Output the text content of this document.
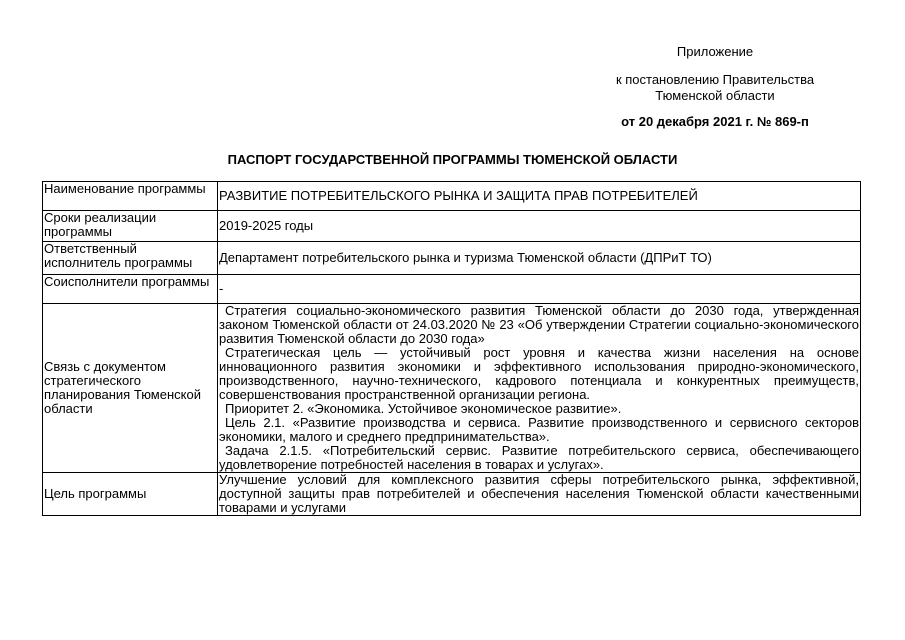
Приложение
к постановлению Правительства
Тюменской области
от 20 декабря 2021 г. № 869-п
ПАСПОРТ ГОСУДАРСТВЕННОЙ ПРОГРАММЫ ТЮМЕНСКОЙ ОБЛАСТИ
Наименование программы	РАЗВИТИЕ ПОТРЕБИТЕЛЬСКОГО РЫНКА И ЗАЩИТА ПРАВ ПОТРЕБИТЕЛЕЙ
Сроки реализации программы	2019-2025 годы
Ответственный исполнитель программы	Департамент потребительского рынка и туризма Тюменской области (ДПРиТ ТО)
Соисполнители программы	-
Связь с документом стратегического планирования Тюменской области	Стратегия социально-экономического развития Тюменской области до 2030 года, утвержденная законом Тюменской области от 24.03.2020 № 23 «Об утверждении Стратегии социально-экономического развития Тюменской области до 2030 года»
Стратегическая цель — устойчивый рост уровня и качества жизни населения на основе инновационного развития экономики и эффективного использования природно-экономического, производственного, научно-технического, кадрового потенциала и конкурентных преимуществ, совершенствования пространственной организации региона.
Приоритет 2. «Экономика. Устойчивое экономическое развитие».
Цель 2.1. «Развитие производства и сервиса. Развитие производственного и сервисного секторов экономики, малого и среднего предпринимательства».
Задача 2.1.5. «Потребительский сервис. Развитие потребительского сервиса, обеспечивающего удовлетворение потребностей населения в товарах и услугах».

Цель программы	Улучшение условий для комплексного развития сферы потребительского рынка, эффективной, доступной защиты прав потребителей и обеспечения населения Тюменской области качественными товарами и услугами
